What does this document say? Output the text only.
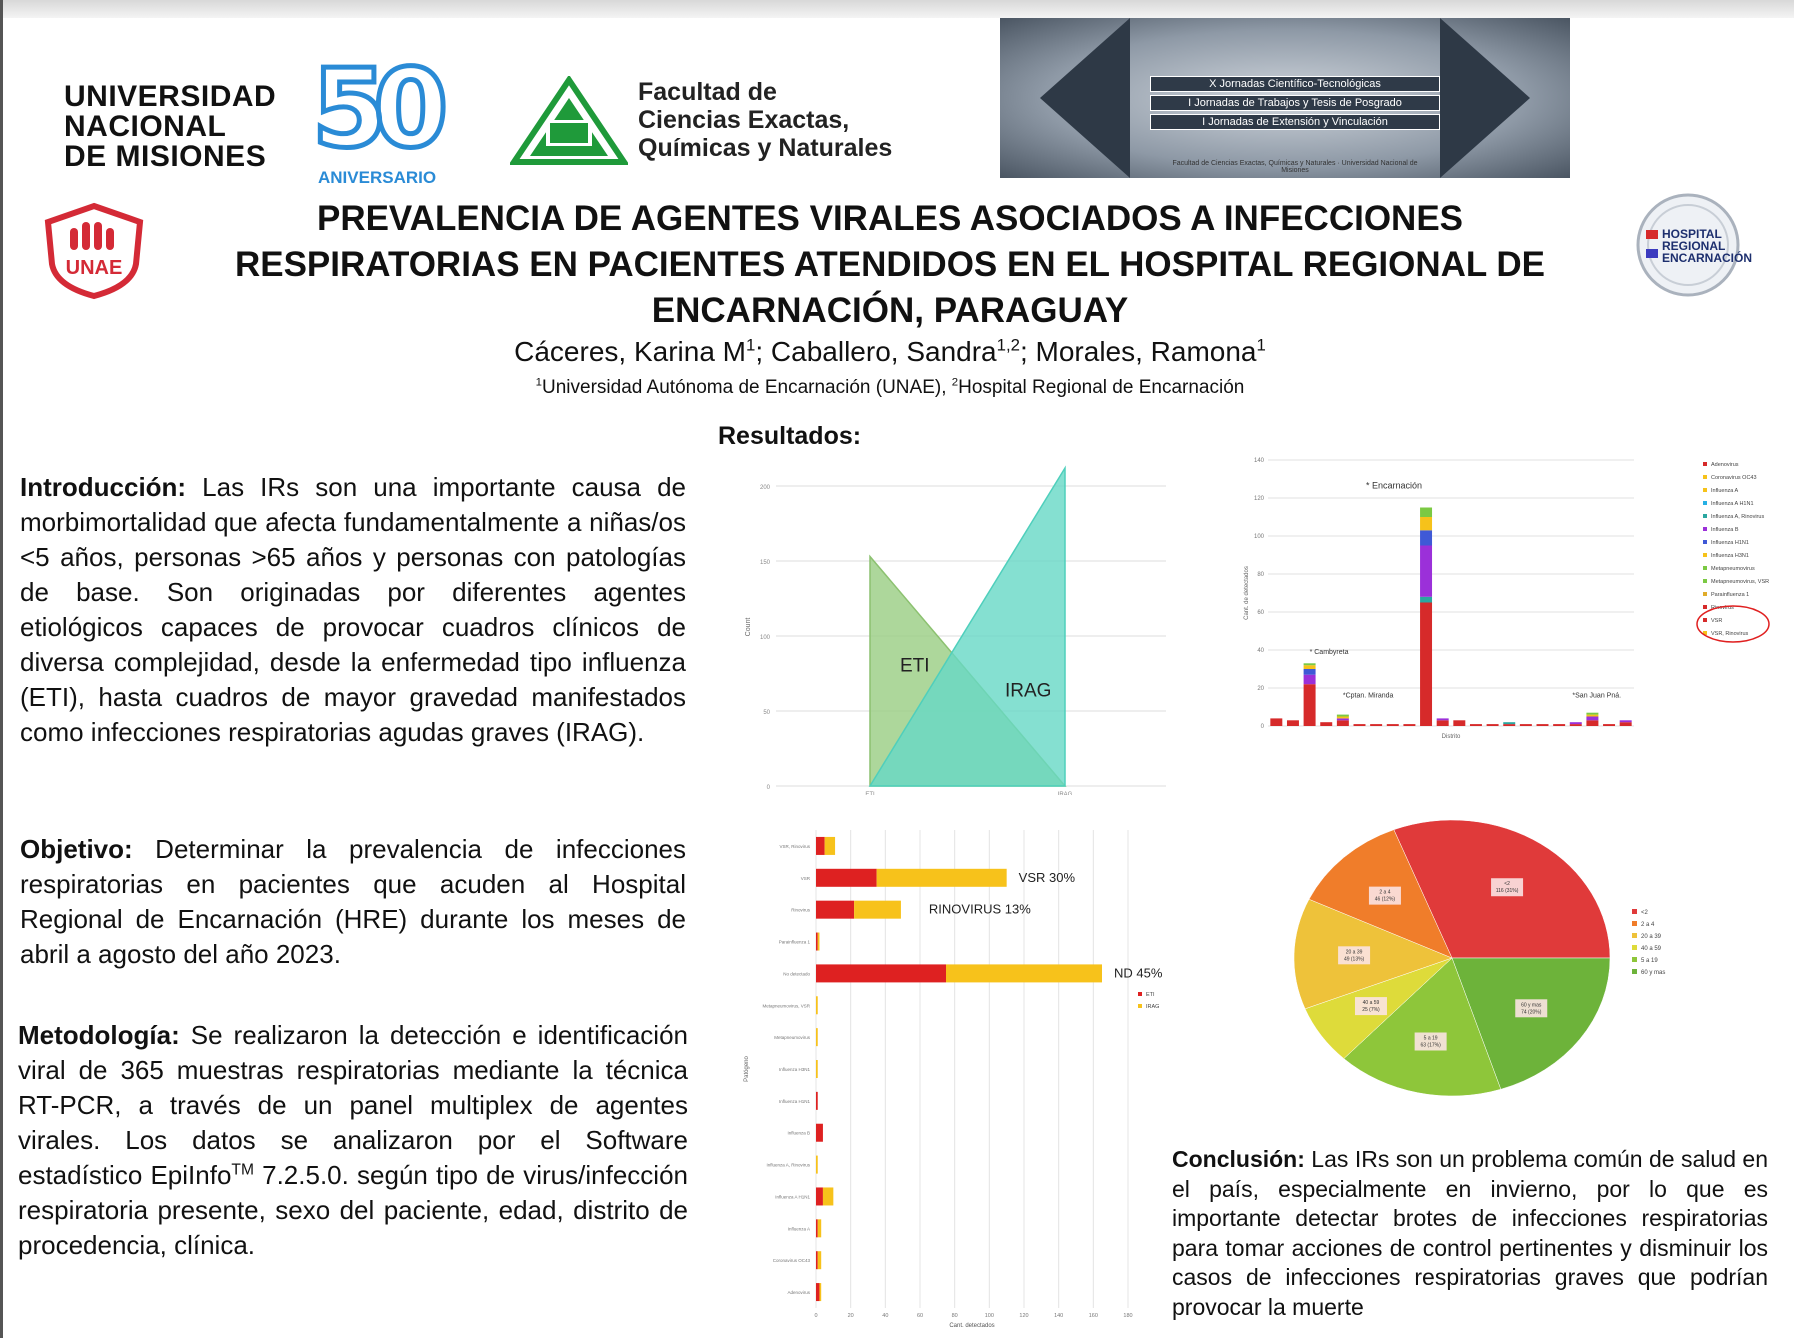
UNIVERSIDAD
NACIONAL
DE MISIONES 50
ANIVERSARIO
Facultad de
Ciencias Exactas,
Químicas y Naturales
X Jornadas Científico-Tecnológicas
I Jornadas de Trabajos y Tesis de Posgrado
I Jornadas de Extensión y Vinculación
Facultad de Ciencias Exactas, Químicas y Naturales · Universidad Nacional de Misiones
UNAE
HOSPITAL
REGIONAL
ENCARNACIÓN
PREVALENCIA DE AGENTES VIRALES ASOCIADOS A INFECCIONES
RESPIRATORIAS EN PACIENTES ATENDIDOS EN EL HOSPITAL REGIONAL DE
ENCARNACIÓN, PARAGUAY
Cáceres, Karina $M^1$; Caballero, Sandra$^{1,2}$; Morales, Ramona$^1$
$^1$Universidad Autónoma de Encarnación (UNAE), $^2$Hospital Regional de Encarnación
Introducción: Las IRs son una importante causa de morbimortalidad que afecta fundamentalmente a niñas/os <5 años, personas >65 años y personas con patologías de base. Son originadas por diferentes agentes etiológicos capaces de provocar cuadros clínicos de diversa complejidad, desde la enfermedad tipo influenza (ETI), hasta cuadros de mayor gravedad manifestados como infecciones respiratorias agudas graves (IRAG).
Objetivo: Determinar la prevalencia de infecciones respiratorias en pacientes que acuden al Hospital Regional de Encarnación (HRE) durante los meses de abril a agosto del año 2023.
Metodología: Se realizaron la detección e identificación viral de 365 muestras respiratorias mediante la técnica RT-PCR, a través de un panel multiplex de agentes virales. Los datos se analizaron por el Software estadístico EpiInfo™ 7.2.5.0. según tipo de virus/infección respiratoria presente, sexo del paciente, edad, distrito de procedencia, clínica.
Resultados:
0
50
100
150
200
Count
ETI
IRAG
ETI	IRAG
0
20
40
60
80
100
120
140
Cant. de detectados
Distrito
* Encarnación
* Cambyreta
*Cptan. Miranda	*San Juan Pná.
Adenovirus
Coronavirus OC43
Influenza A
Influenza A H1N1
Influenza A, Rinovirus
Influenza B
Influenza H1N1
Influenza H3N1
Metapneumovirus
Metapneumovirus, VSR
Parainfluenza 1
Rinovirus
VSR
VSR, Rinovirus
0	20	40	60	80	100	120	140	160	180
Cant. detectados
Patógeno
VSR, Rinovirus
VSR
Rinovirus
Parainfluenza 1
No detectado
Metapneumovirus, VSR
Metapneumovirus
Influenza H3N1
Influenza H1N1
Influenza B
Influenza A, Rinovirus
Influenza A H1N1
Influenza A
Coronavirus OC43
Adenovirus
VSR 30%
RINOVIRUS 13%
ND 45%
ETI
IRAG
<2
116 (31%)
2 a 4
46 (12%)
20 a 39
49 (13%)
40 a 59
25 (7%)
5 a 19
63 (17%)
60 y mas
74 (20%)
<2
2 a 4
20 a 39
40 a 59
5 a 19
60 y mas
Conclusión: Las IRs son un problema común de salud en el país, especialmente en invierno, por lo que es importante detectar brotes de infecciones respiratorias para tomar acciones de control pertinentes y disminuir los casos de infecciones respiratorias graves que podrían provocar la muerte
